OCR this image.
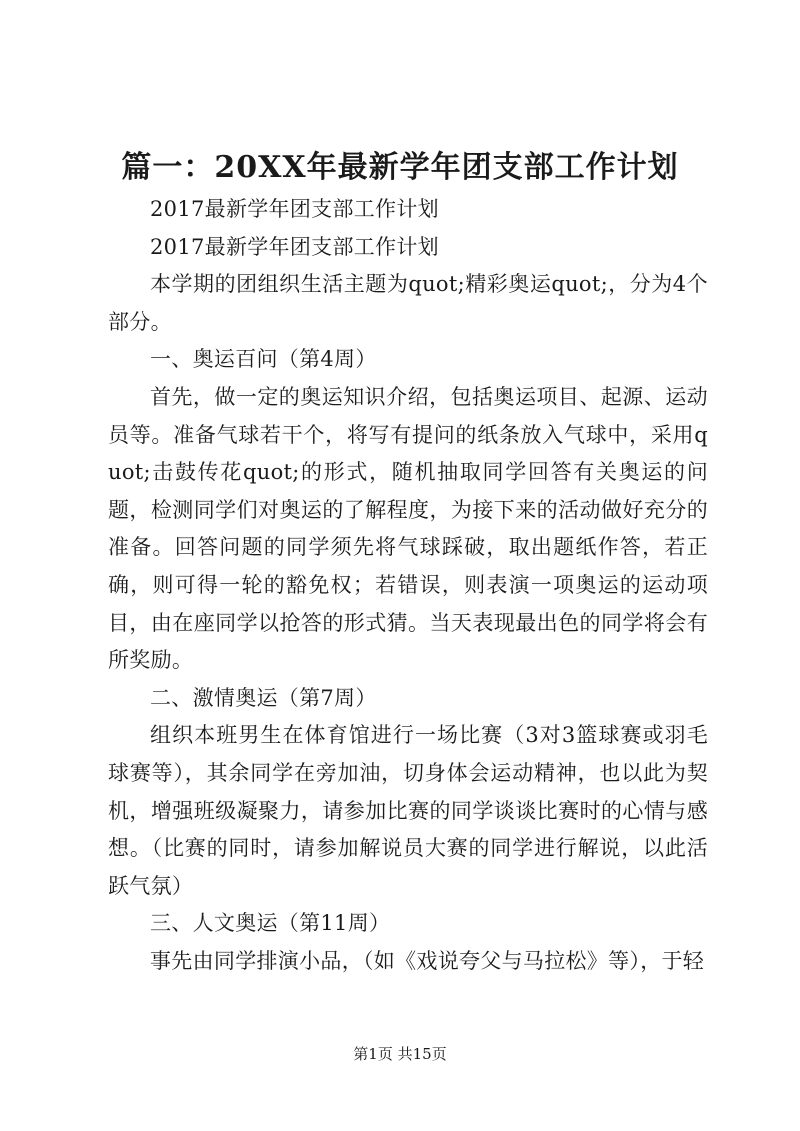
篇一：20XX年最新学年团支部工作计划

2017最新学年团支部工作计划

2017最新学年团支部工作计划

本学期的团组织生活主题为quot;精彩奥运quot;，分为4个部分。

一、奥运百问（第4周）

首先，做一定的奥运知识介绍，包括奥运项目、起源、运动员等。准备气球若干个，将写有提问的纸条放入气球中，采用quot;击鼓传花quot;的形式，随机抽取同学回答有关奥运的问题，检测同学们对奥运的了解程度，为接下来的活动做好充分的准备。回答问题的同学须先将气球踩破，取出题纸作答，若正确，则可得一轮的豁免权；若错误，则表演一项奥运的运动项目，由在座同学以抢答的形式猜。当天表现最出色的同学将会有所奖励。

二、激情奥运（第7周）

组织本班男生在体育馆进行一场比赛（3对3篮球赛或羽毛球赛等），其余同学在旁加油，切身体会运动精神，也以此为契机，增强班级凝聚力，请参加比赛的同学谈谈比赛时的心情与感想。（比赛的同时，请参加解说员大赛的同学进行解说，以此活跃气氛）

三、人文奥运（第11周）

事先由同学排演小品，（如《戏说夸父与马拉松》等），于轻

第1页 共15页
